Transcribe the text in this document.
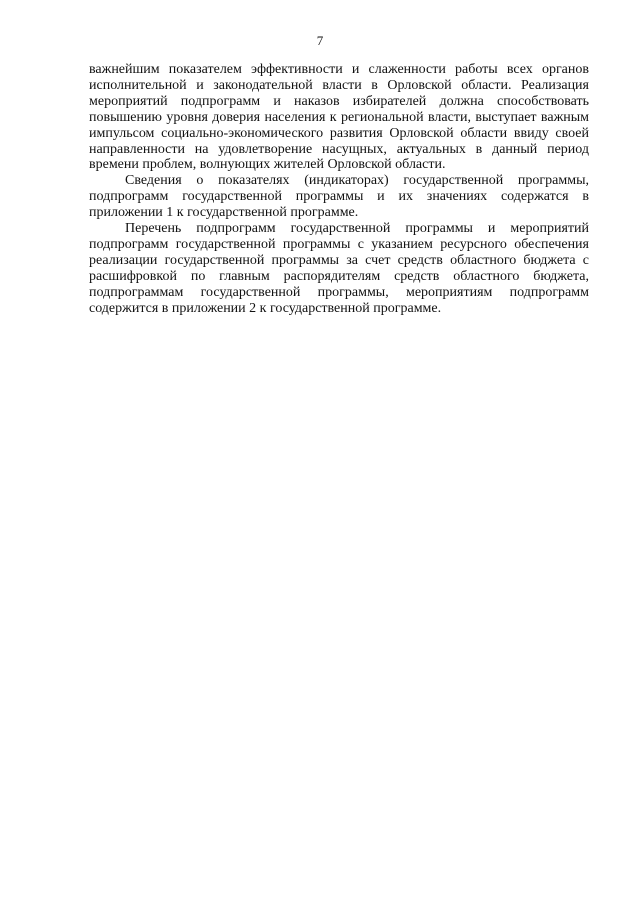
7

важнейшим показателем эффективности и слаженности работы всех органов исполнительной и законодательной власти в Орловской области. Реализация мероприятий подпрограмм и наказов избирателей должна способствовать повышению уровня доверия населения к региональной власти, выступает важным импульсом социально-экономического развития Орловской области ввиду своей направленности на удовлетворение насущных, актуальных в данный период времени проблем, волнующих жителей Орловской области.

Сведения о показателях (индикаторах) государственной программы, подпрограмм государственной программы и их значениях содержатся в приложении 1 к государственной программе.

Перечень подпрограмм государственной программы и мероприятий подпрограмм государственной программы с указанием ресурсного обеспечения реализации государственной программы за счет средств областного бюджета с расшифровкой по главным распорядителям средств областного бюджета, подпрограммам государственной программы, мероприятиям подпрограмм содержится в приложении 2 к государственной программе.
